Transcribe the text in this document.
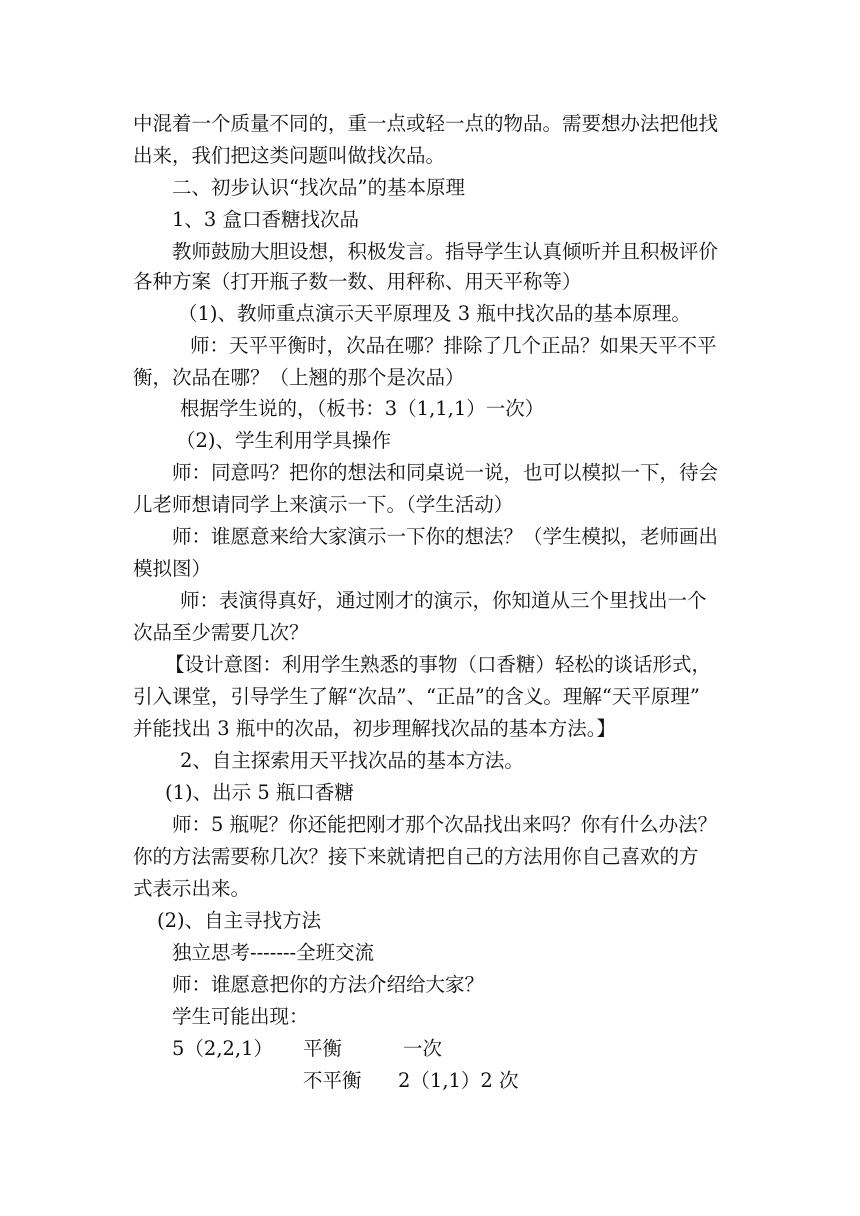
中混着一个质量不同的，重一点或轻一点的物品。需要想办法把他找

出来，我们把这类问题叫做找次品。

二、初步认识“找次品”的基本原理

1、3 盒口香糖找次品

教师鼓励大胆设想，积极发言。指导学生认真倾听并且积极评价

各种方案（打开瓶子数一数、用秤称、用天平称等）

（1)、教师重点演示天平原理及 3 瓶中找次品的基本原理。

师：天平平衡时，次品在哪？排除了几个正品？如果天平不平

衡，次品在哪？（上翘的那个是次品）

根据学生说的，（板书：3（1,1,1）一次）

（2)、学生利用学具操作

师：同意吗？把你的想法和同桌说一说，也可以模拟一下，待会

儿老师想请同学上来演示一下。（学生活动）

师：谁愿意来给大家演示一下你的想法？（学生模拟，老师画出

模拟图）

师：表演得真好，通过刚才的演示，你知道从三个里找出一个

次品至少需要几次？

【设计意图：利用学生熟悉的事物（口香糖）轻松的谈话形式，

引入课堂，引导学生了解“次品”、“正品”的含义。理解“天平原理”

并能找出 3 瓶中的次品，初步理解找次品的基本方法。】

2、自主探索用天平找次品的基本方法。

(1)、出示 5 瓶口香糖

师：5 瓶呢？你还能把刚才那个次品找出来吗？你有什么办法？

你的方法需要称几次？接下来就请把自己的方法用你自己喜欢的方

式表示出来。

(2)、自主寻找方法

独立思考-------全班交流

师：谁愿意把你的方法介绍给大家？

学生可能出现：

5（2,2,1） 平衡	一次

不平衡 2（1,1）2 次
